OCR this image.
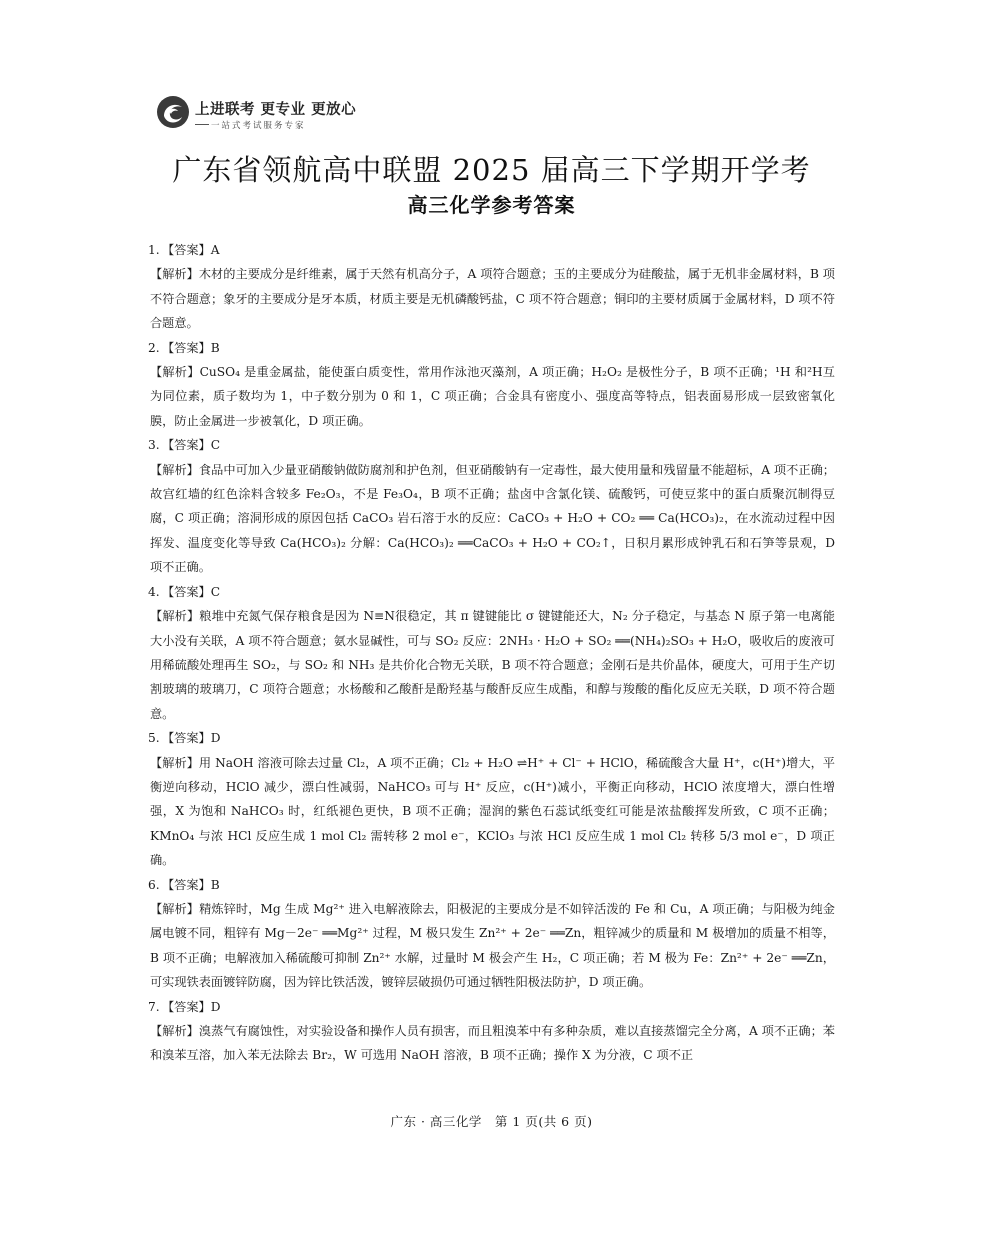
上进联考 更专业 更放心
一站式考试服务专家
广东省领航高中联盟 2025 届高三下学期开学考
高三化学参考答案
1. 【答案】A
【解析】木材的主要成分是纤维素，属于天然有机高分子，A 项符合题意；玉的主要成分为硅酸盐，属于无机非金属材料，B 项不符合题意；象牙的主要成分是牙本质，材质主要是无机磷酸钙盐，C 项不符合题意；铜印的主要材质属于金属材料，D 项不符合题意。
2. 【答案】B
【解析】CuSO₄ 是重金属盐，能使蛋白质变性，常用作泳池灭藻剂，A 项正确；H₂O₂ 是极性分子，B 项不正确；¹H 和²H互为同位素，质子数均为 1，中子数分别为 0 和 1，C 项正确；合金具有密度小、强度高等特点，铝表面易形成一层致密氧化膜，防止金属进一步被氧化，D 项正确。
3. 【答案】C
【解析】食品中可加入少量亚硝酸钠做防腐剂和护色剂，但亚硝酸钠有一定毒性，最大使用量和残留量不能超标，A 项不正确；故宫红墙的红色涂料含较多 Fe₂O₃，不是 Fe₃O₄，B 项不正确；盐卤中含氯化镁、硫酸钙，可使豆浆中的蛋白质聚沉制得豆腐，C 项正确；溶洞形成的原因包括 CaCO₃ 岩石溶于水的反应：CaCO₃ + H₂O + CO₂ ══ Ca(HCO₃)₂，在水流动过程中因挥发、温度变化等导致 Ca(HCO₃)₂ 分解：Ca(HCO₃)₂ ══CaCO₃ + H₂O + CO₂↑，日积月累形成钟乳石和石笋等景观，D 项不正确。
4. 【答案】C
【解析】粮堆中充氮气保存粮食是因为 N≡N很稳定，其 π 键键能比 σ 键键能还大，N₂ 分子稳定，与基态 N 原子第一电离能大小没有关联，A 项不符合题意；氨水显碱性，可与 SO₂ 反应：2NH₃ · H₂O + SO₂ ══(NH₄)₂SO₃ + H₂O，吸收后的废液可用稀硫酸处理再生 SO₂，与 SO₂ 和 NH₃ 是共价化合物无关联，B 项不符合题意；金刚石是共价晶体，硬度大，可用于生产切割玻璃的玻璃刀，C 项符合题意；水杨酸和乙酸酐是酚羟基与酸酐反应生成酯，和醇与羧酸的酯化反应无关联，D 项不符合题意。
5. 【答案】D
【解析】用 NaOH 溶液可除去过量 Cl₂，A 项不正确；Cl₂ + H₂O ⇌H⁺ + Cl⁻ + HClO，稀硫酸含大量 H⁺，c(H⁺)增大，平衡逆向移动，HClO 减少，漂白性减弱，NaHCO₃ 可与 H⁺ 反应，c(H⁺)减小，平衡正向移动，HClO 浓度增大，漂白性增强，X 为饱和 NaHCO₃ 时，红纸褪色更快，B 项不正确；湿润的紫色石蕊试纸变红可能是浓盐酸挥发所致，C 项不正确；KMnO₄ 与浓 HCl 反应生成 1 mol Cl₂ 需转移 2 mol e⁻，KClO₃ 与浓 HCl 反应生成 1 mol Cl₂ 转移 5/3 mol e⁻，D 项正确。
6. 【答案】B
【解析】精炼锌时，Mg 生成 Mg²⁺ 进入电解液除去，阳极泥的主要成分是不如锌活泼的 Fe 和 Cu，A 项正确；与阳极为纯金属电镀不同，粗锌有 Mg－2e⁻ ══Mg²⁺ 过程，M 极只发生 Zn²⁺ + 2e⁻ ══Zn，粗锌减少的质量和 M 极增加的质量不相等，B 项不正确；电解液加入稀硫酸可抑制 Zn²⁺ 水解，过量时 M 极会产生 H₂，C 项正确；若 M 极为 Fe：Zn²⁺ + 2e⁻ ══Zn，可实现铁表面镀锌防腐，因为锌比铁活泼，镀锌层破损仍可通过牺牲阳极法防护，D 项正确。
7. 【答案】D
【解析】溴蒸气有腐蚀性，对实验设备和操作人员有损害，而且粗溴苯中有多种杂质，难以直接蒸馏完全分离，A 项不正确；苯和溴苯互溶，加入苯无法除去 Br₂，W 可选用 NaOH 溶液，B 项不正确；操作 X 为分液，C 项不正
广东 · 高三化学　第 1 页(共 6 页)
